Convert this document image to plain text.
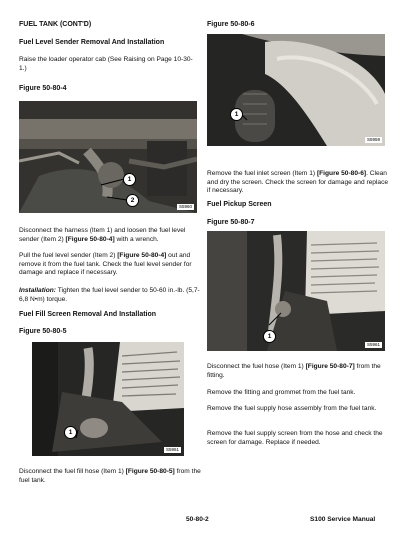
FUEL TANK (CONT'D)

Fuel Level Sender Removal And Installation

Raise the loader operator cab (See Raising on Page 10-30-1.)

Figure 50-80-4

1
2
S5960

Disconnect the harness (Item 1) and loosen the fuel level sender (Item 2) [Figure 50-80-4] with a wrench.

Pull the fuel level sender (Item 2) [Figure 50-80-4] out and remove it from the fuel tank. Check the fuel level sender for damage and replace if necessary.

Installation: Tighten the fuel level sender to 50-60 in.-lb. (5,7-6,8 N•m) torque.

Fuel Fill Screen Removal And Installation

Figure 50-80-5

1
S5961

Disconnect the fuel fill hose (Item 1) [Figure 50-80-5] from the fuel tank.

Figure 50-80-6

1
S5959

Remove the fuel inlet screen (Item 1) [Figure 50-80-6]. Clean and dry the screen. Check the screen for damage and replace if necessary.

Fuel Pickup Screen

Figure 50-80-7

1
S5961

Disconnect the fuel hose (Item 1) [Figure 50-80-7] from the fitting.

Remove the fitting and grommet from the fuel tank.

Remove the fuel supply hose assembly from the fuel tank.

Remove the fuel supply screen from the hose and check the screen for damage. Replace if needed.

50-80-2	S100 Service Manual
